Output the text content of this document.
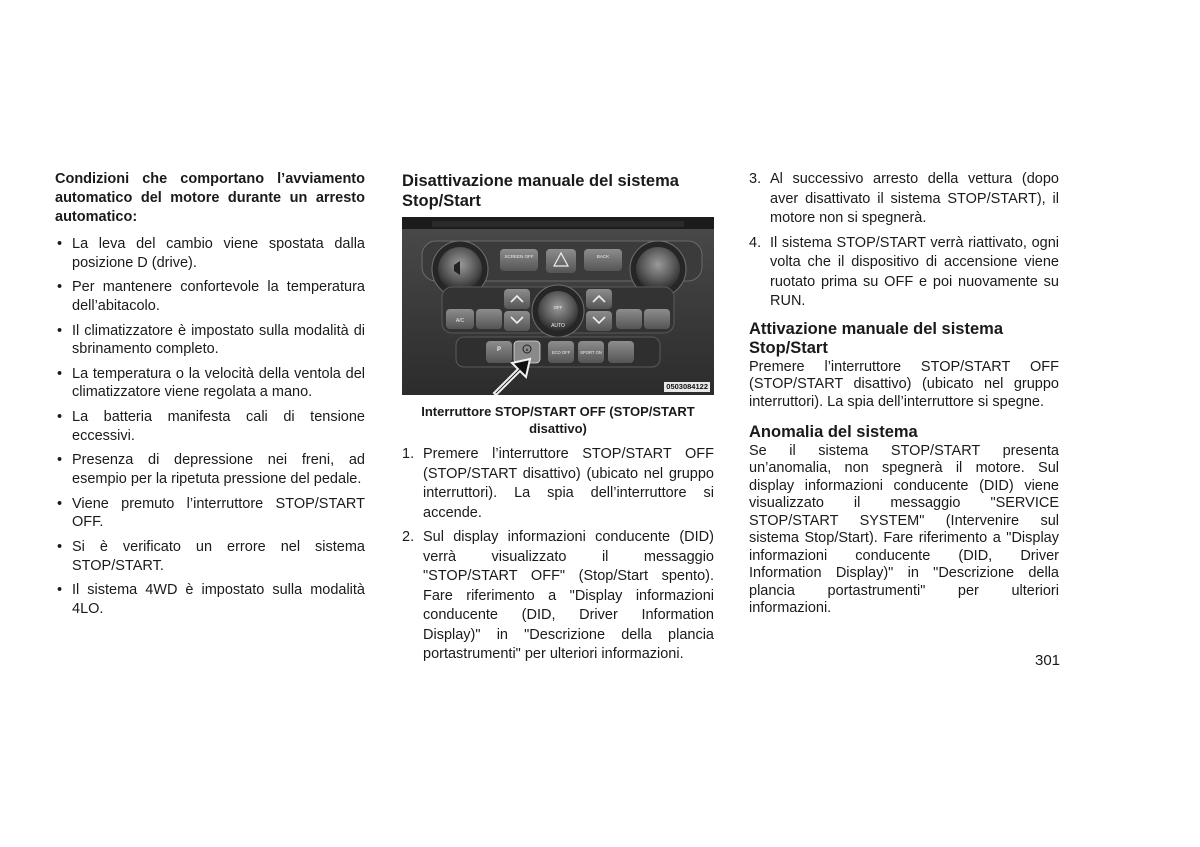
Condizioni che comportano l’avviamento automatico del motore durante un arresto automatico:

• La leva del cambio viene spostata dalla posizione D (drive).
• Per mantenere confortevole la temperatura dell’abitacolo.
• Il climatizzatore è impostato sulla modalità di sbrinamento completo.
• La temperatura o la velocità della ventola del climatizzatore viene regolata a mano.
• La batteria manifesta cali di tensione eccessivi.
• Presenza di depressione nei freni, ad esempio per la ripetuta pressione del pedale.
• Viene premuto l’interruttore STOP/START OFF.
• Si è verificato un errore nel sistema STOP/START.
• Il sistema 4WD è impostato sulla modalità 4LO.
Disattivazione manuale del sistema Stop/Start
SCREEN OFF	BACK
A/C
OFF
AUTO
P	A
ECO OFF SPORT ON
0503084122

Interruttore STOP/START OFF (STOP/START disattivo)

1. Premere l’interruttore STOP/START OFF (STOP/START disattivo) (ubicato nel gruppo interruttori). La spia dell’interruttore si accende.
2. Sul display informazioni conducente (DID) verrà visualizzato il messaggio "STOP/START OFF" (Stop/Start spento). Fare riferimento a "Display informazioni conducente (DID, Driver Information Display)" in "Descrizione della plancia portastrumenti" per ulteriori informazioni.
3. Al successivo arresto della vettura (dopo aver disattivato il sistema STOP/START), il motore non si spegnerà.
4. Il sistema STOP/START verrà riattivato, ogni volta che il dispositivo di accensione viene ruotato prima su OFF e poi nuovamente su RUN.
Attivazione manuale del sistema Stop/Start

Premere l’interruttore STOP/START OFF (STOP/START disattivo) (ubicato nel gruppo interruttori). La spia dell’interruttore si spegne.

Anomalia del sistema

Se il sistema STOP/START presenta un’anomalia, non spegnerà il motore. Sul display informazioni conducente (DID) viene visualizzato il messaggio "SERVICE STOP/START SYSTEM" (Intervenire sul sistema Stop/Start). Fare riferimento a "Display informazioni conducente (DID, Driver Information Display)" in "Descrizione della plancia portastrumenti" per ulteriori informazioni.

301
